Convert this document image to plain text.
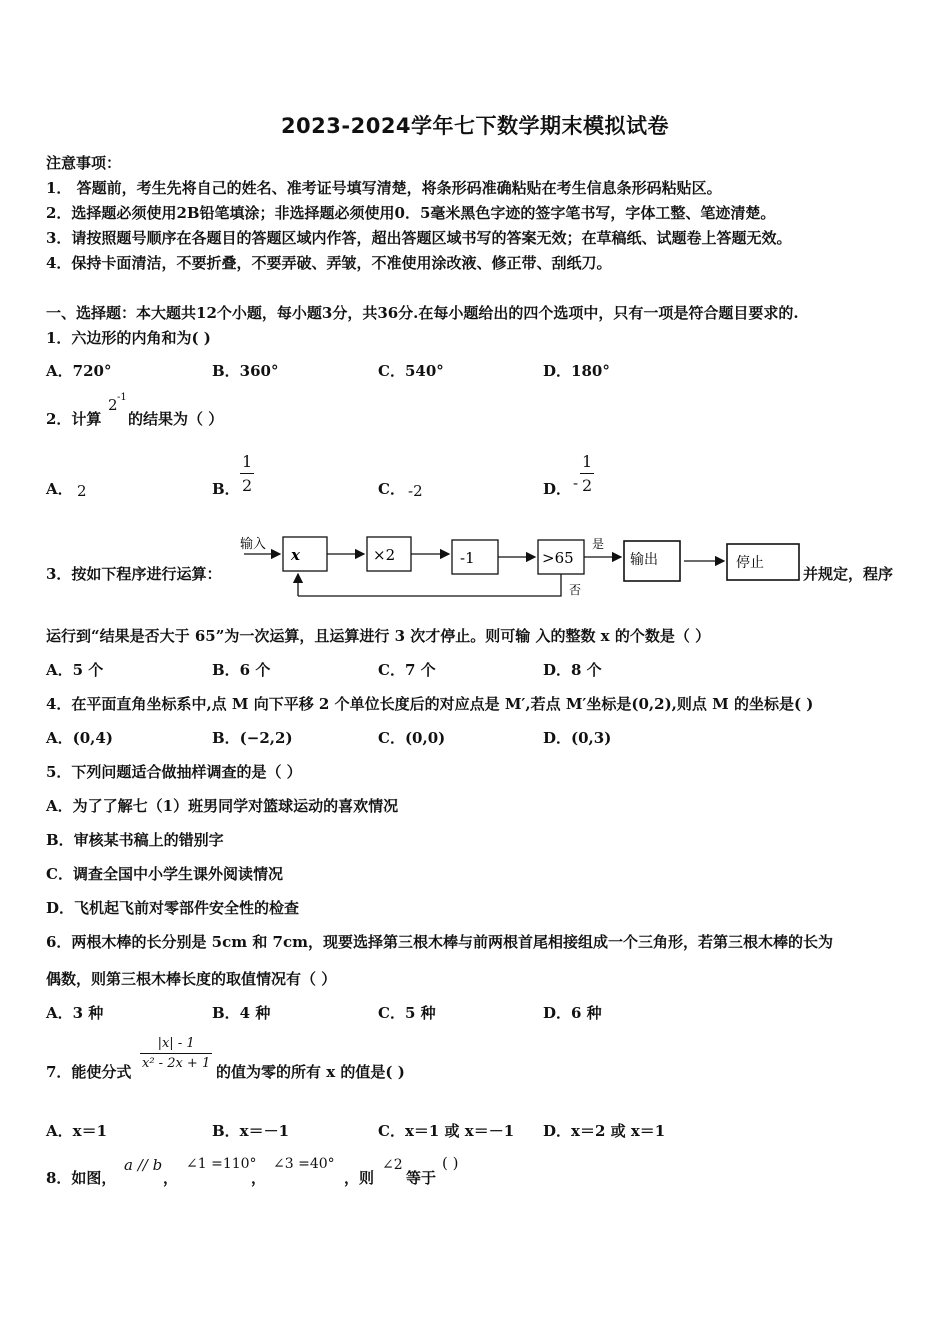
2023-2024学年七下数学期末模拟试卷
注意事项：
1． 答题前，考生先将自己的姓名、准考证号填写清楚，将条形码准确粘贴在考生信息条形码粘贴区。
2．选择题必须使用2B铅笔填涂；非选择题必须使用0．5毫米黑色字迹的签字笔书写，字体工整、笔迹清楚。
3．请按照题号顺序在各题目的答题区域内作答，超出答题区域书写的答案无效；在草稿纸、试题卷上答题无效。
4．保持卡面清洁，不要折叠，不要弄破、弄皱，不准使用涂改液、修正带、刮纸刀。
一、选择题：本大题共12个小题，每小题3分，共36分.在每小题给出的四个选项中，只有一项是符合题目要求的.
1．六边形的内角和为( )
A．720°	B．360°	C．540°	D．180°
2．计算
2 -1
的结果为（ ）
A． 2	B．
1
2	C． -2	D． -
1
2
3．按如下程序进行运算：
输入
x	×2	-1	>65
是
输出	停止
否
并规定，程序
运行到“结果是否大于 65”为一次运算，且运算进行 3 次才停止。则可输 入的整数 x 的个数是（ ）
A．5 个	B．6 个	C．7 个	D．8 个
4．在平面直角坐标系中,点 M 向下平移 2 个单位长度后的对应点是 M′,若点 M′坐标是(0,2),则点 M 的坐标是( )
A．(0,4)	B．(−2,2)	C．(0,0)	D．(0,3)
5．下列问题适合做抽样调查的是（ ）
A．为了了解七（1）班男同学对篮球运动的喜欢情况
B．审核某书稿上的错别字
C．调查全国中小学生课外阅读情况
D．飞机起飞前对零部件安全性的检查
6．两根木棒的长分别是 5cm 和 7cm，现要选择第三根木棒与前两根首尾相接组成一个三角形，若第三根木棒的长为
偶数，则第三根木棒长度的取值情况有（ ）
A．3 种	B．4 种	C．5 种	D．6 种
7．能使分式
|x| - 1
x² - 2x + 1 的值为零的所有 x 的值是( )
A．x＝1	B．x＝－1	C．x＝1 或 x＝－1 D．x＝2 或 x＝1
8．如图，
a // b
，
∠1 =110°
，
∠3 =40°
，则
∠2
等于
( )
